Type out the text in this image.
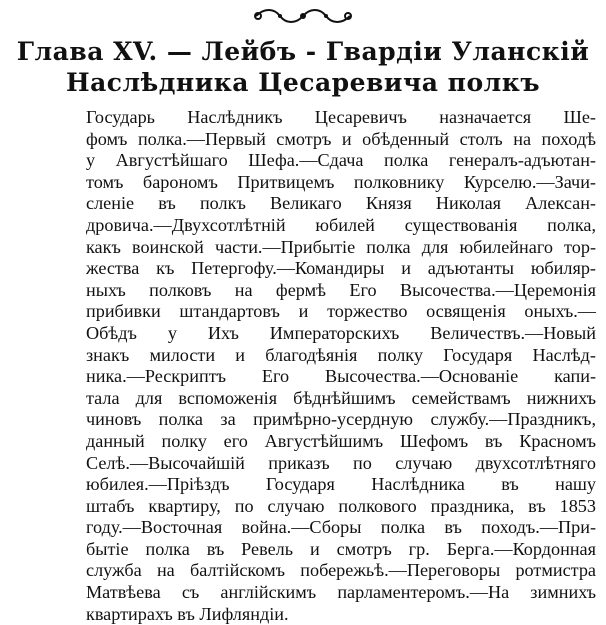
Глава XV. — Лейбъ - Гвардіи Уланскій
Наслѣдника Цесаревича полкъ
Государь Наслѣдникъ Цесаревичъ назначается Ше-
фомъ полка.—Первый смотръ и обѣденный столъ на походѣ
у Августѣйшаго Шефа.—Сдача полка генералъ-адъютан-
томъ барономъ Притвицемъ полковнику Курселю.—Зачи-
сленіе въ полкъ Великаго Князя Николая Алексан-
дровича.—Двухсотлѣтній юбилей существованія полка,
какъ воинской части.—Прибытіе полка для юбилейнаго тор-
жества къ Петергофу.—Командиры и адъютанты юбиляр-
ныхъ полковъ на фермѣ Его Высочества.—Церемонія
прибивки штандартовъ и торжество освященія оныхъ.—
Обѣдъ у Ихъ Императорскихъ Величествъ.—Новый
знакъ милости и благодѣянія полку Государя Наслѣд-
ника.—Рескриптъ Его Высочества.—Основаніе капи-
тала для вспоможенія бѣднѣйшимъ семействамъ нижнихъ
чиновъ полка за примѣрно-усердную службу.—Праздникъ,
данный полку его Августѣйшимъ Шефомъ въ Красномъ
Селѣ.—Высочайшій приказъ по случаю двухсотлѣтняго
юбилея.—Пріѣздъ Государя Наслѣдника въ нашу
штабъ квартиру, по случаю полкового праздника, въ 1853
году.—Восточная война.—Сборы полка въ походъ.—При-
бытіе полка въ Ревель и смотръ гр. Берга.—Кордонная
служба на балтійскомъ побережьѣ.—Переговоры ротмистра
Матвѣева съ англійскимъ парламентеромъ.—На зимнихъ
квартирахъ въ Лифляндіи.
